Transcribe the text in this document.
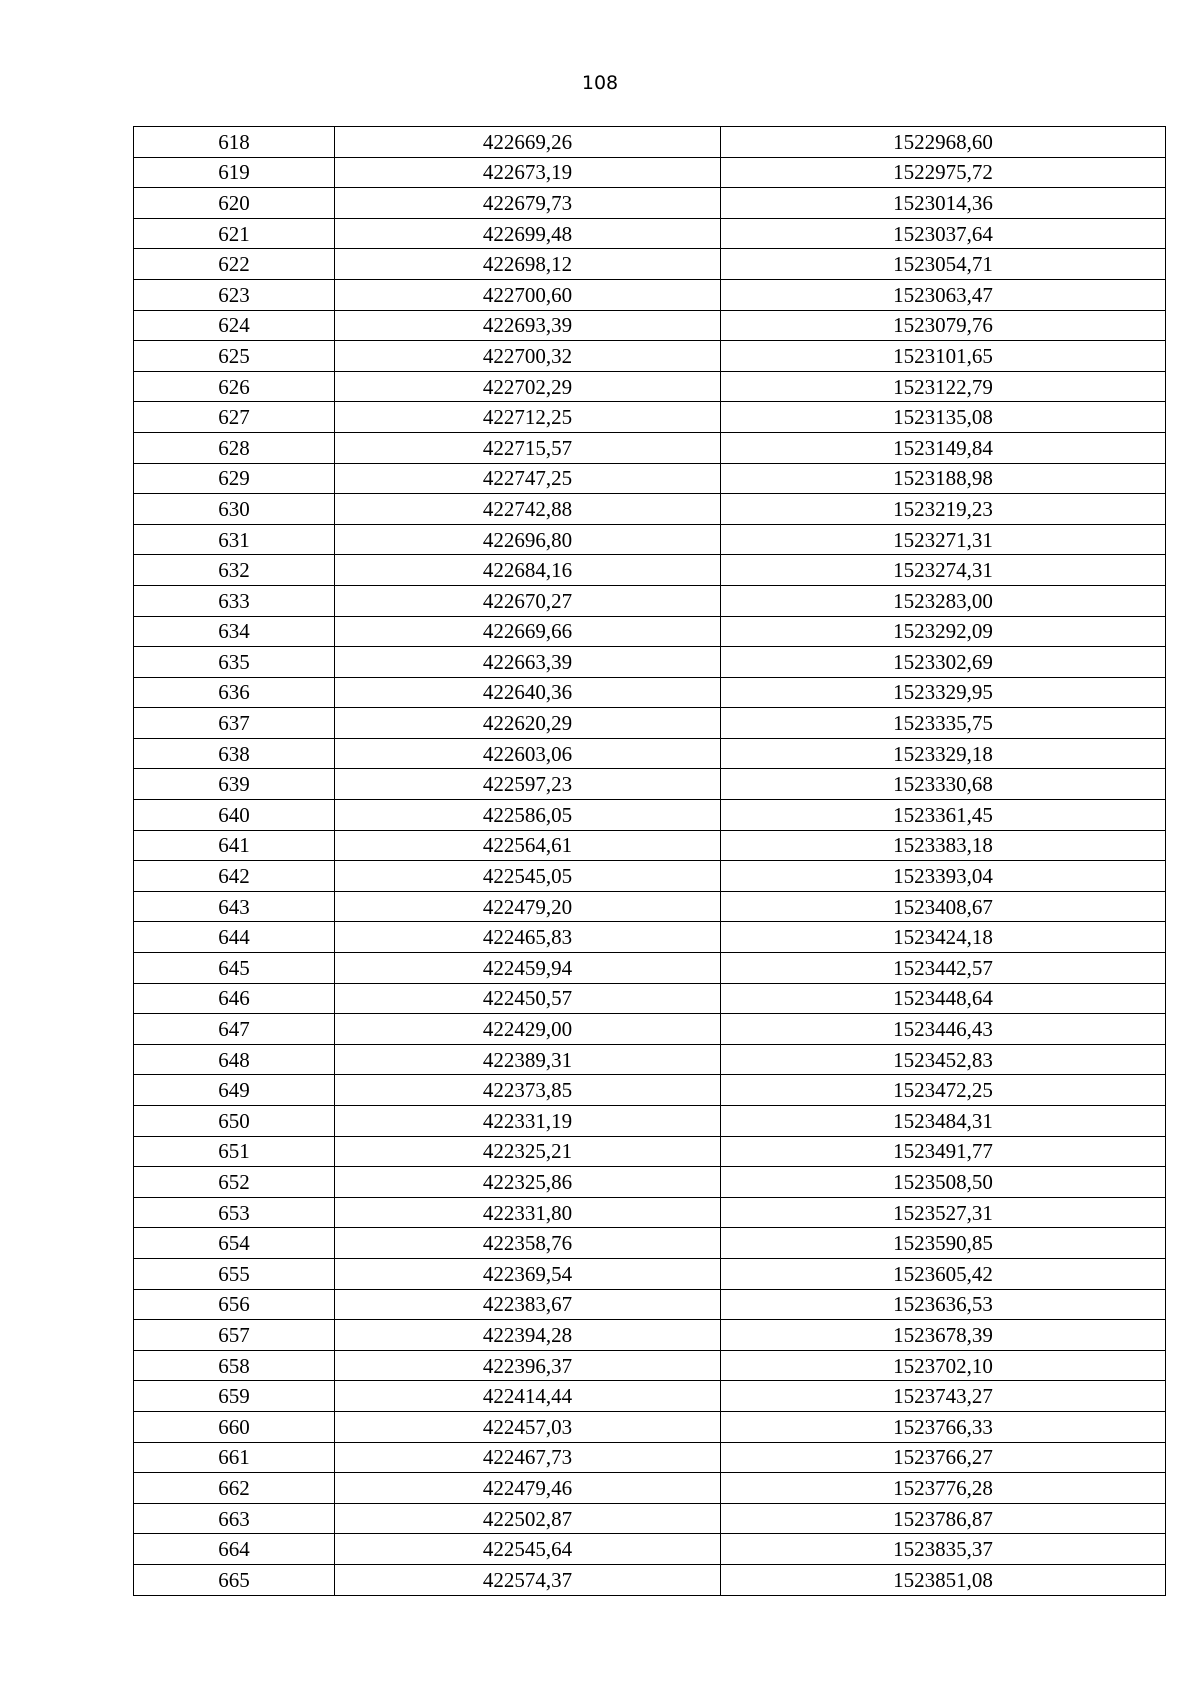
108
618	422669,26	1522968,60
619	422673,19	1522975,72
620	422679,73	1523014,36
621	422699,48	1523037,64
622	422698,12	1523054,71
623	422700,60	1523063,47
624	422693,39	1523079,76
625	422700,32	1523101,65
626	422702,29	1523122,79
627	422712,25	1523135,08
628	422715,57	1523149,84
629	422747,25	1523188,98
630	422742,88	1523219,23
631	422696,80	1523271,31
632	422684,16	1523274,31
633	422670,27	1523283,00
634	422669,66	1523292,09
635	422663,39	1523302,69
636	422640,36	1523329,95
637	422620,29	1523335,75
638	422603,06	1523329,18
639	422597,23	1523330,68
640	422586,05	1523361,45
641	422564,61	1523383,18
642	422545,05	1523393,04
643	422479,20	1523408,67
644	422465,83	1523424,18
645	422459,94	1523442,57
646	422450,57	1523448,64
647	422429,00	1523446,43
648	422389,31	1523452,83
649	422373,85	1523472,25
650	422331,19	1523484,31
651	422325,21	1523491,77
652	422325,86	1523508,50
653	422331,80	1523527,31
654	422358,76	1523590,85
655	422369,54	1523605,42
656	422383,67	1523636,53
657	422394,28	1523678,39
658	422396,37	1523702,10
659	422414,44	1523743,27
660	422457,03	1523766,33
661	422467,73	1523766,27
662	422479,46	1523776,28
663	422502,87	1523786,87
664	422545,64	1523835,37
665	422574,37	1523851,08
